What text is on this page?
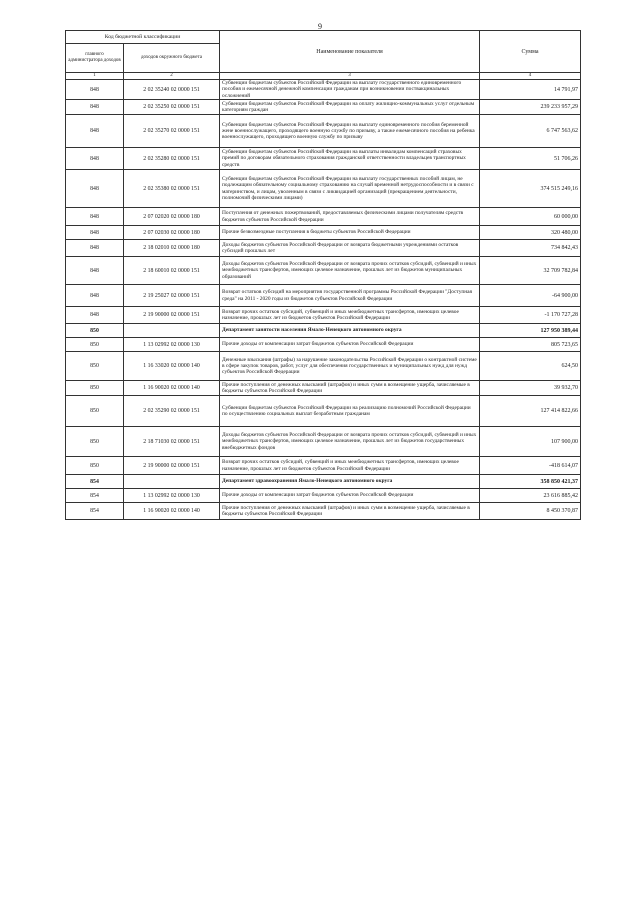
9
Код бюджетной классификации		Наименование показателя	Сумма
главного администратора доходов	доходов окружного бюджета		
1	2	3	4
848	2 02 35240 02 0000 151	Субвенции бюджетам субъектов Российской Федерации на выплату государственного единовременного пособия и ежемесячной денежной компенсации гражданам при возникновении поствакцинальных осложнений	14 791,97
848	2 02 35250 02 0000 151	Субвенции бюджетам субъектов Российской Федерации на оплату жилищно-коммунальных услуг отдельным категориям граждан	239 233 957,29
848	2 02 35270 02 0000 151	Субвенции бюджетам субъектов Российской Федерации на выплату единовременного пособия беременной жене военнослужащего, проходящего военную службу по призыву, а также ежемесячного пособия на ребенка военнослужащего, проходящего военную службу по призыву	6 747 563,62
848	2 02 35280 02 0000 151	Субвенции бюджетам субъектов Российской Федерации на выплаты инвалидам компенсаций страховых премий по договорам обязательного страхования гражданской ответственности владельцев транспортных средств	51 706,26
848	2 02 35380 02 0000 151	Субвенции бюджетам субъектов Российской Федерации на выплату государственных пособий лицам, не подлежащим обязательному социальному страхованию на случай временной нетрудоспособности и в связи с материнством, и лицам, уволенным в связи с ликвидацией организаций (прекращением деятельности, полномочий физическими лицами)	374 515 249,16
848	2 07 02020 02 0000 180	Поступления от денежных пожертвований, предоставляемых физическими лицами получателям средств бюджетов субъектов Российской Федерации	60 000,00
848	2 07 02030 02 0000 180	Прочие безвозмездные поступления в бюджеты субъектов Российской Федерации	320 480,00
848	2 18 02010 02 0000 180	Доходы бюджетов субъектов Российской Федерации от возврата бюджетными учреждениями остатков субсидий прошлых лет	734 842,43
848	2 18 60010 02 0000 151	Доходы бюджетов субъектов Российской Федерации от возврата прочих остатков субсидий, субвенций и иных межбюджетных трансфертов, имеющих целевое назначение, прошлых лет из бюджетов муниципальных образований	32 709 782,84
848	2 19 25027 02 0000 151	Возврат остатков субсидий на мероприятия государственной программы Российской Федерации "Доступная среда" на 2011 - 2020 годы из бюджетов субъектов Российской Федерации	-64 900,00
848	2 19 90000 02 0000 151	Возврат прочих остатков субсидий, субвенций и иных межбюджетных трансфертов, имеющих целевое назначение, прошлых лет из бюджетов субъектов Российской Федерации	-1 170 727,28
850		Департамент занятости населения Ямало-Ненецкого автономного округа	127 950 389,44
850	1 13 02992 02 0000 130	Прочие доходы от компенсации затрат бюджетов субъектов Российской Федерации	805 723,65
850	1 16 33020 02 0000 140	Денежные взыскания (штрафы) за нарушение законодательства Российской Федерации о контрактной системе в сфере закупок товаров, работ, услуг для обеспечения государственных и муниципальных нужд для нужд субъектов Российской Федерации	624,50
850	1 16 90020 02 0000 140	Прочие поступления от денежных взысканий (штрафов) и иных сумм в возмещение ущерба, зачисляемые в бюджеты субъектов Российской Федерации	39 932,70
850	2 02 35290 02 0000 151	Субвенции бюджетам субъектов Российской Федерации на реализацию полномочий Российской Федерации по осуществлению социальных выплат безработным гражданам	127 414 822,66
850	2 18 71030 02 0000 151	Доходы бюджетов субъектов Российской Федерации от возврата прочих остатков субсидий, субвенций и иных межбюджетных трансфертов, имеющих целевое назначение, прошлых лет из бюджетов государственных внебюджетных фондов	107 900,00
850	2 19 90000 02 0000 151	Возврат прочих остатков субсидий, субвенций и иных межбюджетных трансфертов, имеющих целевое назначение, прошлых лет из бюджетов субъектов Российской Федерации	-418 614,07
854		Департамент здравоохранения Ямало-Ненецкого автономного округа	358 850 421,37
854	1 13 02992 02 0000 130	Прочие доходы от компенсации затрат бюджетов субъектов Российской Федерации	23 616 885,42
854	1 16 90020 02 0000 140	Прочие поступления от денежных взысканий (штрафов) и иных сумм в возмещение ущерба, зачисляемые в бюджеты субъектов Российской Федерации	8 450 370,87
